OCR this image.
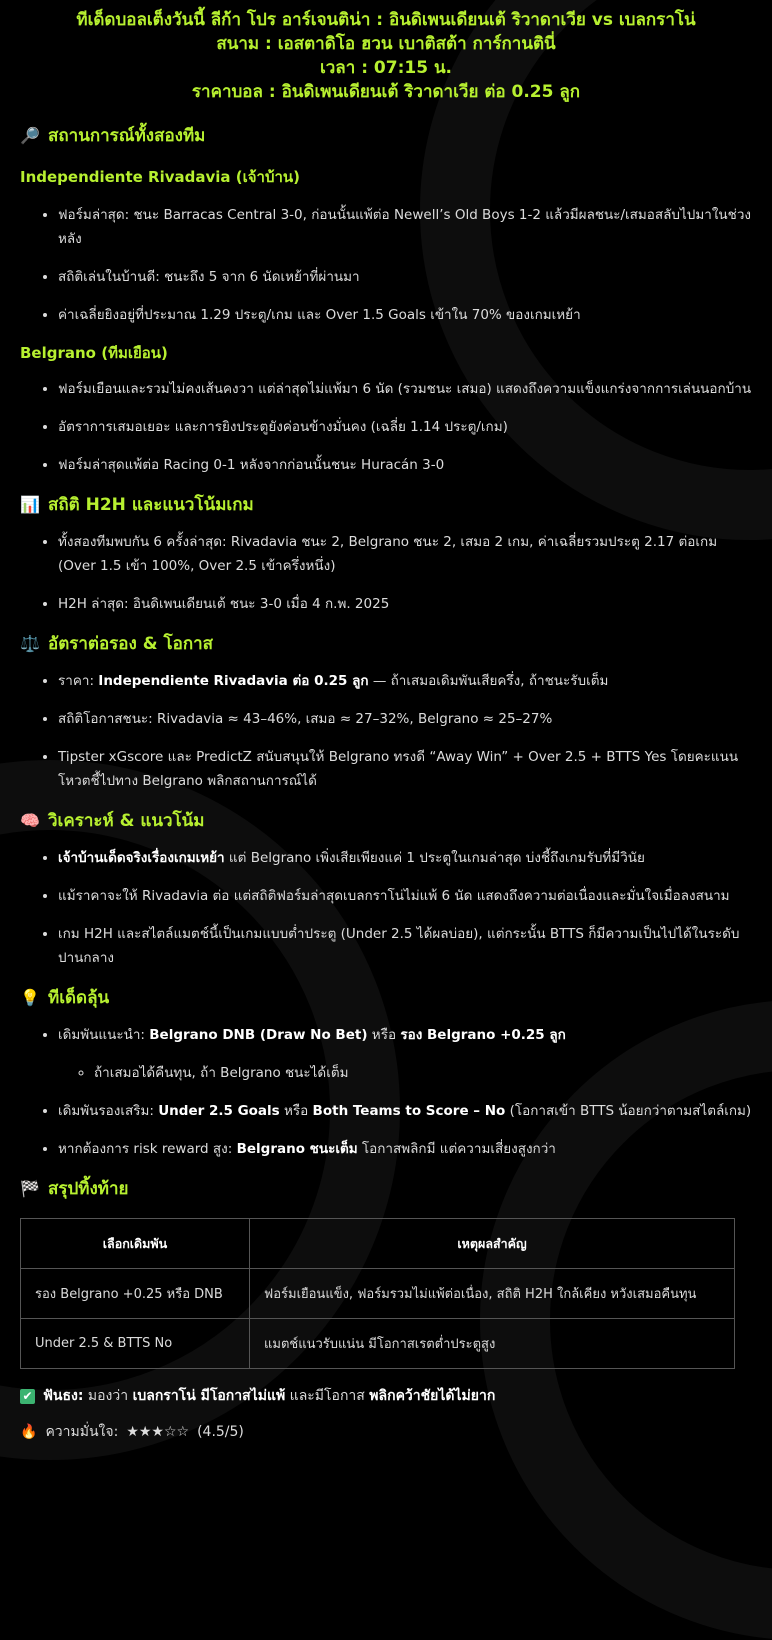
ทีเด็ดบอลเต็งวันนี้ ลีก้า โปร อาร์เจนติน่า : อินดิเพนเดียนเต้ ริวาดาเวีย vs เบลกราโน่
สนาม : เอสตาดิโอ ฮวน เบาติสต้า การ์กานตินี่
เวลา : 07:15 น.
ราคาบอล : อินดิเพนเดียนเต้ ริวาดาเวีย ต่อ 0.25 ลูก
🔎 สถานการณ์ทั้งสองทีม
Independiente Rivadavia (เจ้าบ้าน)
• ฟอร์มล่าสุด: ชนะ Barracas Central 3-0, ก่อนนั้นแพ้ต่อ Newell’s Old Boys 1-2 แล้วมีผลชนะ/เสมอสลับไปมาในช่วงหลัง
• สถิติเล่นในบ้านดี: ชนะถึง 5 จาก 6 นัดเหย้าที่ผ่านมา
• ค่าเฉลี่ยยิงอยู่ที่ประมาณ 1.29 ประตู/เกม และ Over 1.5 Goals เข้าใน 70% ของเกมเหย้า
Belgrano (ทีมเยือน)
• ฟอร์มเยือนและรวมไม่คงเส้นคงวา แต่ล่าสุดไม่แพ้มา 6 นัด (รวมชนะ เสมอ) แสดงถึงความแข็งแกร่งจากการเล่นนอกบ้าน
• อัตราการเสมอเยอะ และการยิงประตูยังค่อนข้างมั่นคง (เฉลี่ย 1.14 ประตู/เกม)
• ฟอร์มล่าสุดแพ้ต่อ Racing 0-1 หลังจากก่อนนั้นชนะ Huracán 3-0
📊 สถิติ H2H และแนวโน้มเกม
• ทั้งสองทีมพบกัน 6 ครั้งล่าสุด: Rivadavia ชนะ 2, Belgrano ชนะ 2, เสมอ 2 เกม, ค่าเฉลี่ยรวมประตู 2.17 ต่อเกม (Over 1.5 เข้า 100%, Over 2.5 เข้าครึ่งหนึ่ง)
• H2H ล่าสุด: อินดิเพนเดียนเต้ ชนะ 3-0 เมื่อ 4 ก.พ. 2025
⚖️ อัตราต่อรอง & โอกาส
• ราคา: Independiente Rivadavia ต่อ 0.25 ลูก — ถ้าเสมอเดิมพันเสียครึ่ง, ถ้าชนะรับเต็ม
• สถิติโอกาสชนะ: Rivadavia ≈ 43–46%, เสมอ ≈ 27–32%, Belgrano ≈ 25–27%
• Tipster xGscore และ PredictZ สนับสนุนให้ Belgrano ทรงดี “Away Win” + Over 2.5 + BTTS Yes โดยคะแนนโหวตชี้ไปทาง Belgrano พลิกสถานการณ์ได้
🧠 วิเคราะห์ & แนวโน้ม
• เจ้าบ้านเด็ดจริงเรื่องเกมเหย้า แต่ Belgrano เพิ่งเสียเพียงแค่ 1 ประตูในเกมล่าสุด บ่งชี้ถึงเกมรับที่มีวินัย
• แม้ราคาจะให้ Rivadavia ต่อ แต่สถิติฟอร์มล่าสุดเบลกราโน่ไม่แพ้ 6 นัด แสดงถึงความต่อเนื่องและมั่นใจเมื่อลงสนาม
• เกม H2H และสไตล์แมตช์นี้เป็นเกมแบบต่ำประตู (Under 2.5 ได้ผลบ่อย), แต่กระนั้น BTTS ก็มีความเป็นไปได้ในระดับปานกลาง
💡 ทีเด็ดลุ้น
• เดิมพันแนะนำ: Belgrano DNB (Draw No Bet) หรือ รอง Belgrano +0.25 ลูก
◦ ถ้าเสมอได้คืนทุน, ถ้า Belgrano ชนะได้เต็ม
• เดิมพันรองเสริม: Under 2.5 Goals หรือ Both Teams to Score – No (โอกาสเข้า BTTS น้อยกว่าตามสไตล์เกม)
• หากต้องการ risk reward สูง: Belgrano ชนะเต็ม โอกาสพลิกมี แต่ความเสี่ยงสูงกว่า
🏁 สรุปทิ้งท้าย
เลือกเดิมพัน	เหตุผลสำคัญ
รอง Belgrano +0.25 หรือ DNB	ฟอร์มเยือนแข็ง, ฟอร์มรวมไม่แพ้ต่อเนื่อง, สถิติ H2H ใกล้เคียง หวังเสมอคืนทุน
Under 2.5 & BTTS No	แมตช์แนวรับแน่น มีโอกาสเรตต่ำประตูสูง
✔ ฟันธง: มองว่า เบลกราโน่ มีโอกาสไม่แพ้ และมีโอกาส พลิกคว้าชัยได้ไม่ยาก
🔥 ความมั่นใจ: ★★★☆☆ (4.5/5)
